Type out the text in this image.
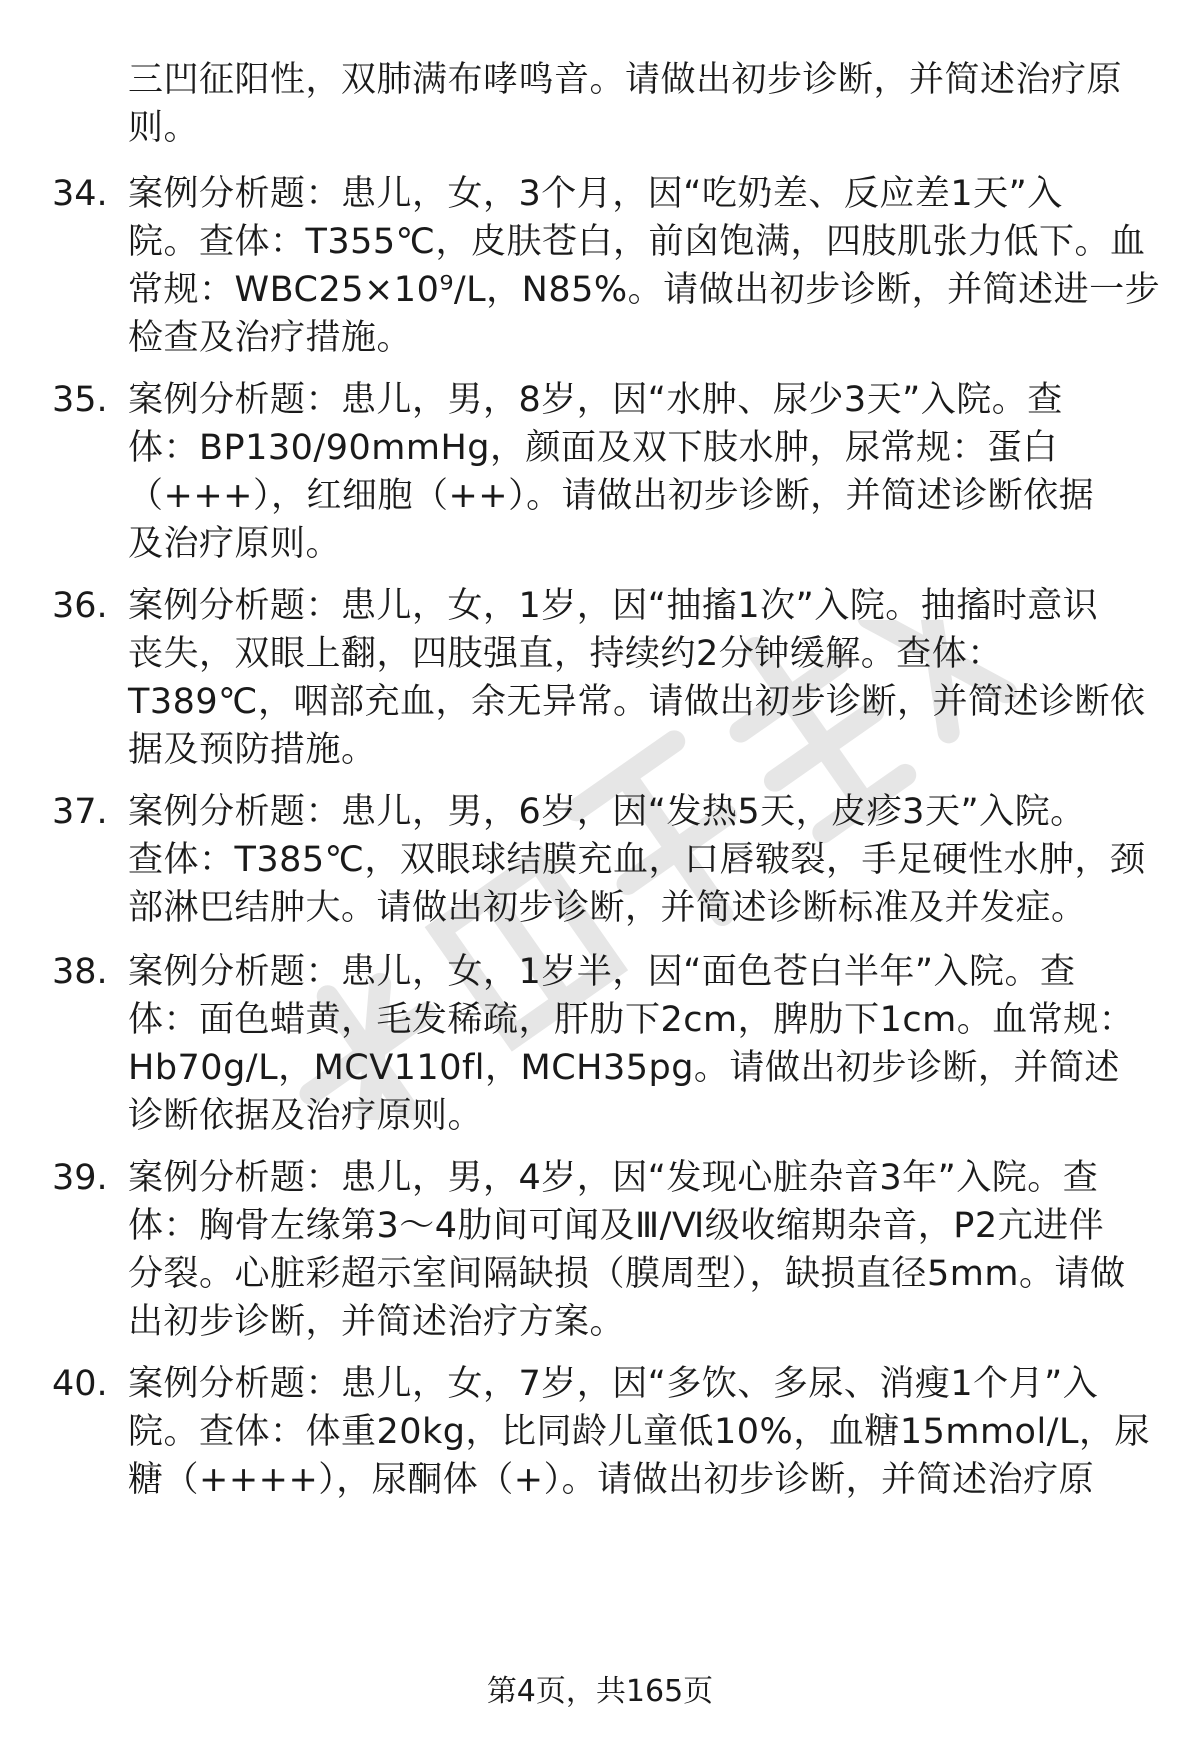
三凹征阳性，双肺满布哮鸣音。请做出初步诊断，并简述治疗原
则。
34. 案例分析题：患儿，女，3个月，因“吃奶差、反应差1天”入
院。查体：T355℃，皮肤苍白，前囟饱满，四肢肌张力低下。血
常规：WBC25×10⁹/L，N85%。请做出初步诊断，并简述进一步
检查及治疗措施。
35. 案例分析题：患儿，男，8岁，因“水肿、尿少3天”入院。查
体：BP130/90mmHg，颜面及双下肢水肿，尿常规：蛋白
（+++），红细胞（++）。请做出初步诊断，并简述诊断依据
及治疗原则。
36. 案例分析题：患儿，女，1岁，因“抽搐1次”入院。抽搐时意识
丧失，双眼上翻，四肢强直，持续约2分钟缓解。查体：
T389℃，咽部充血，余无异常。请做出初步诊断，并简述诊断依
据及预防措施。
37. 案例分析题：患儿，男，6岁，因“发热5天，皮疹3天”入院。
查体：T385℃，双眼球结膜充血，口唇皲裂，手足硬性水肿，颈
部淋巴结肿大。请做出初步诊断，并简述诊断标准及并发症。
38. 案例分析题：患儿，女，1岁半，因“面色苍白半年”入院。查
体：面色蜡黄，毛发稀疏，肝肋下2cm，脾肋下1cm。血常规：
Hb70g/L，MCV110fl，MCH35pg。请做出初步诊断，并简述
诊断依据及治疗原则。
39. 案例分析题：患儿，男，4岁，因“发现心脏杂音3年”入院。查
体：胸骨左缘第3～4肋间可闻及Ⅲ/Ⅵ级收缩期杂音，P2亢进伴
分裂。心脏彩超示室间隔缺损（膜周型），缺损直径5mm。请做
出初步诊断，并简述治疗方案。
40. 案例分析题：患儿，女，7岁，因“多饮、多尿、消瘦1个月”入
院。查体：体重20kg，比同龄儿童低10%，血糖15mmol/L，尿
糖（++++），尿酮体（+）。请做出初步诊断，并简述治疗原
第4页，共165页
